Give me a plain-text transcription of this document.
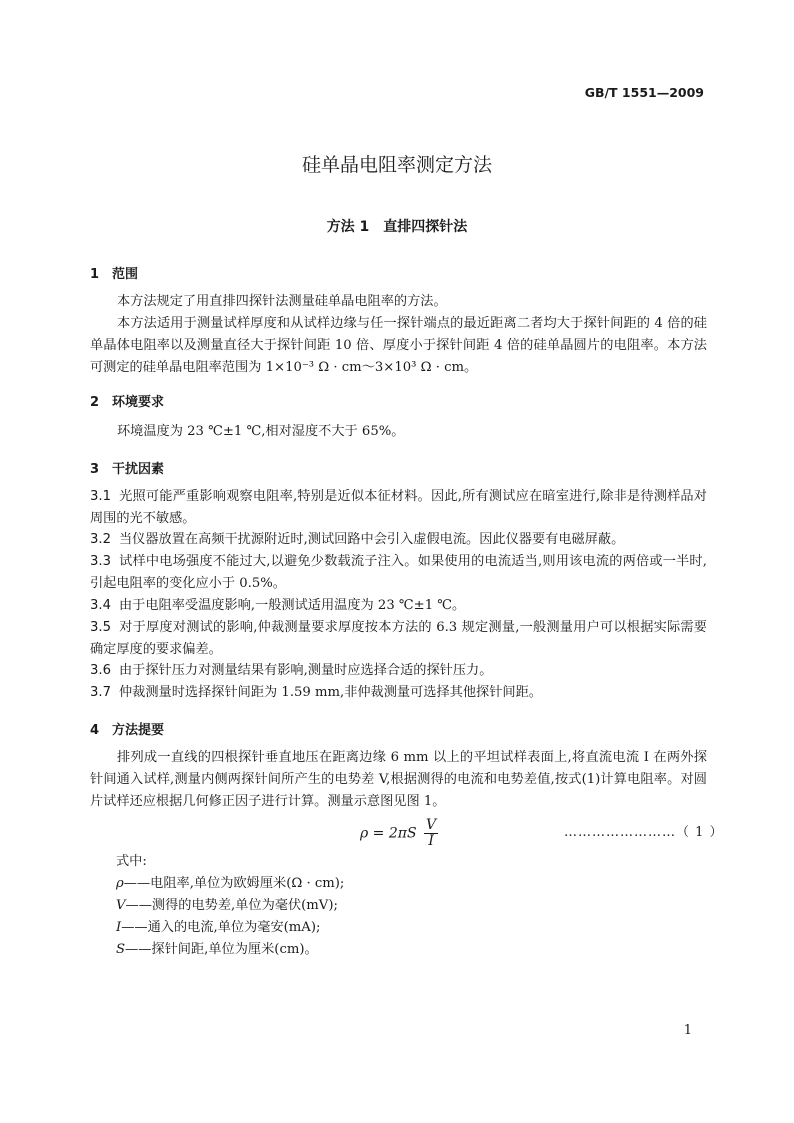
GB/T 1551—2009
硅单晶电阻率测定方法
方法 1　直排四探针法
1　范围
本方法规定了用直排四探针法测量硅单晶电阻率的方法。
本方法适用于测量试样厚度和从试样边缘与任一探针端点的最近距离二者均大于探针间距的 4 倍的硅单晶体电阻率以及测量直径大于探针间距 10 倍、厚度小于探针间距 4 倍的硅单晶圆片的电阻率。本方法可测定的硅单晶电阻率范围为 1×10⁻³ Ω · cm～3×10³ Ω · cm。
2　环境要求
环境温度为 23 ℃±1 ℃,相对湿度不大于 65%。
3　干扰因素
3.1 光照可能严重影响观察电阻率,特别是近似本征材料。因此,所有测试应在暗室进行,除非是待测样品对周围的光不敏感。
3.2 当仪器放置在高频干扰源附近时,测试回路中会引入虚假电流。因此仪器要有电磁屏蔽。
3.3 试样中电场强度不能过大,以避免少数载流子注入。如果使用的电流适当,则用该电流的两倍或一半时,引起电阻率的变化应小于 0.5%。
3.4 由于电阻率受温度影响,一般测试适用温度为 23 ℃±1 ℃。
3.5 对于厚度对测试的影响,仲裁测量要求厚度按本方法的 6.3 规定测量,一般测量用户可以根据实际需要确定厚度的要求偏差。
3.6 由于探针压力对测量结果有影响,测量时应选择合适的探针压力。
3.7 仲裁测量时选择探针间距为 1.59 mm,非仲裁测量可选择其他探针间距。
4　方法提要
排列成一直线的四根探针垂直地压在距离边缘 6 mm 以上的平坦试样表面上,将直流电流 I 在两外探针间通入试样,测量内侧两探针间所产生的电势差 V,根据测得的电流和电势差值,按式(1)计算电阻率。对圆片试样还应根据几何修正因子进行计算。测量示意图见图 1。
$\rho = 2\pi S \frac{V}{I}$	……………………（ 1 ）
式中:
ρ——电阻率,单位为欧姆厘米(Ω · cm);
V——测得的电势差,单位为毫伏(mV);
I——通入的电流,单位为毫安(mA);
S——探针间距,单位为厘米(cm)。
1
